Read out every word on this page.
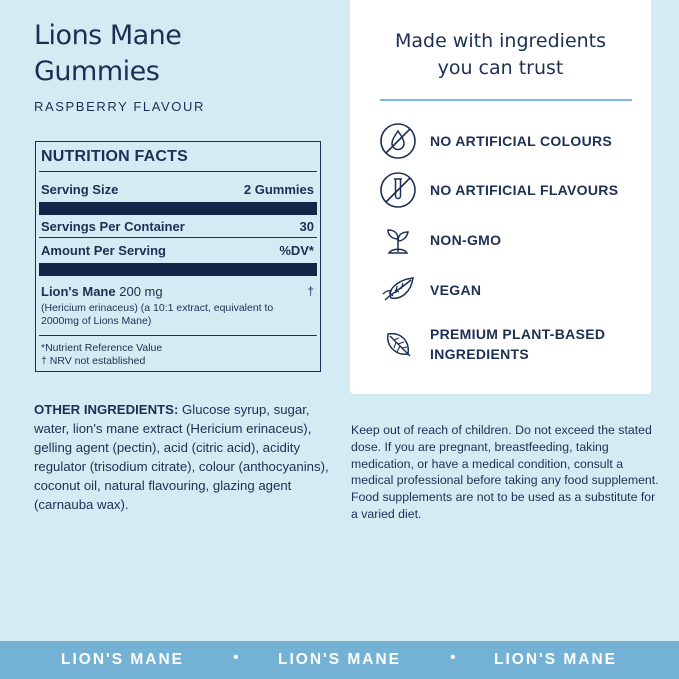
Lions Mane
Gummies
RASPBERRY FLAVOUR
NUTRITION FACTS
Serving Size	2 Gummies
Servings Per Container	30
Amount Per Serving	%DV*
Lion's Mane 200 mg	†
(Hericium erinaceus) (a 10:1 extract, equivalent to
2000mg of Lions Mane)
*Nutrient Reference Value
† NRV not established
Made with ingredients
you can trust
NO ARTIFICIAL COLOURS
NO ARTIFICIAL FLAVOURS
NON-GMO
VEGAN
PREMIUM PLANT-BASED
INGREDIENTS
OTHER INGREDIENTS: Glucose syrup, sugar, water, lion's mane extract (Hericium erinaceus), gelling agent (pectin), acid (citric acid), acidity regulator (trisodium citrate), colour (anthocyanins), coconut oil, natural flavouring, glazing agent (carnauba wax).
Keep out of reach of children. Do not exceed the stated dose. If you are pregnant, breastfeeding, taking medication, or have a medical condition, consult a medical professional before taking any food supplement.
Food supplements are not to be used as a substitute for a varied diet.
LION'S MANE	•	LION'S MANE	• LION'S MANE
